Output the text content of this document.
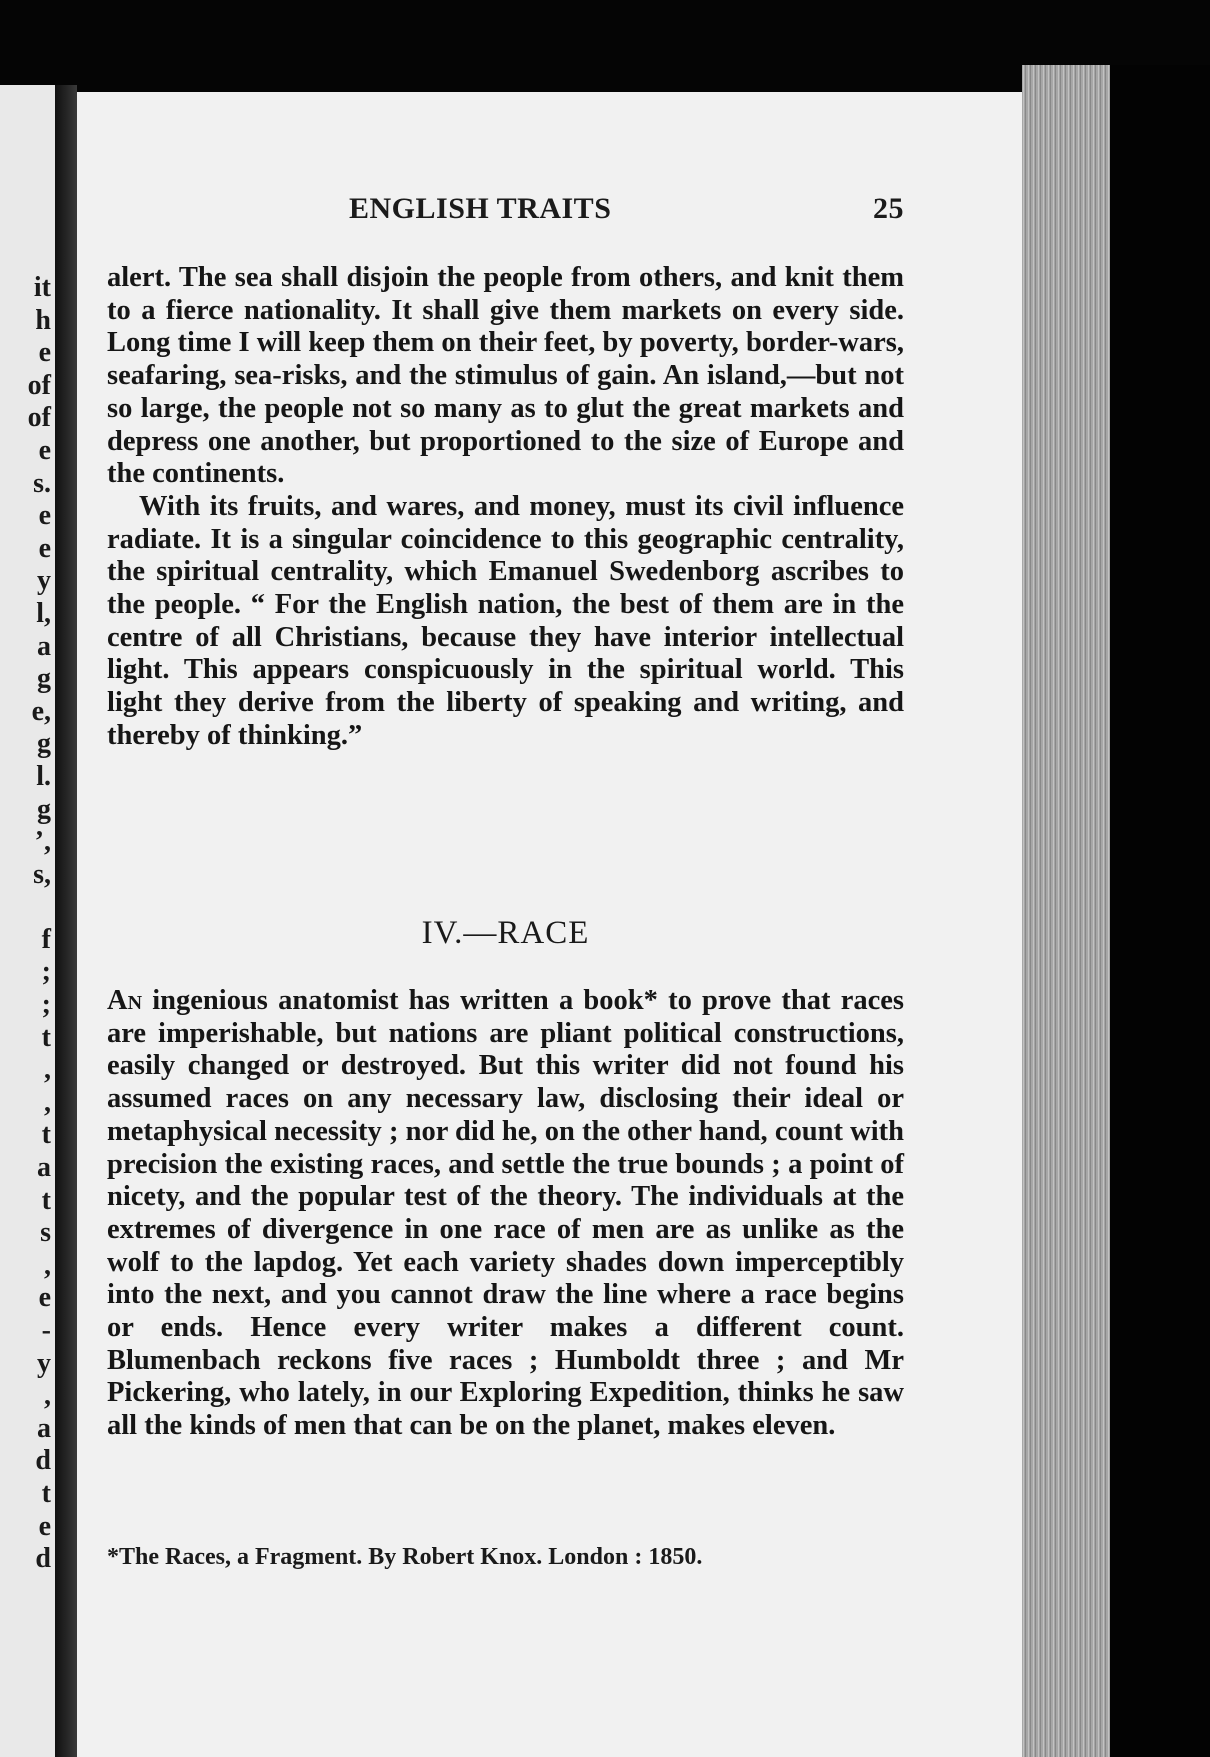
it
h
e
of
of
e
s.
e
e
y
l,
a
g
e,
g
l.
g
’,
s,

f
;
;
t
,
,
t
a
t
s
,
e
-
y
,
a
d
t
e
d
ENGLISH TRAITS	25

alert. The sea shall disjoin the people from others, and knit them to a fierce nationality. It shall give them markets on every side. Long time I will keep them on their feet, by poverty, border-wars, seafaring, sea-risks, and the stimulus of gain. An island,—but not so large, the people not so many as to glut the great markets and depress one another, but proportioned to the size of Europe and the continents.

With its fruits, and wares, and money, must its civil influence radiate. It is a singular coincidence to this geographic centrality, the spiritual centrality, which Emanuel Swedenborg ascribes to the people. “ For the English nation, the best of them are in the centre of all Christians, because they have interior intellectual light. This appears conspicuously in the spiritual world. This light they derive from the liberty of speaking and writing, and thereby of thinking.”

IV.—RACE

An ingenious anatomist has written a book* to prove that races are imperishable, but nations are pliant political constructions, easily changed or destroyed. But this writer did not found his assumed races on any necessary law, disclosing their ideal or metaphysical necessity ; nor did he, on the other hand, count with precision the existing races, and settle the true bounds ; a point of nicety, and the popular test of the theory. The individuals at the extremes of divergence in one race of men are as unlike as the wolf to the lapdog. Yet each variety shades down imperceptibly into the next, and you cannot draw the line where a race begins or ends. Hence every writer makes a different count. Blumenbach reckons five races ; Humboldt three ; and Mr Pickering, who lately, in our Exploring Expedition, thinks he saw all the kinds of men that can be on the planet, makes eleven.

*The Races, a Fragment. By Robert Knox. London : 1850.
